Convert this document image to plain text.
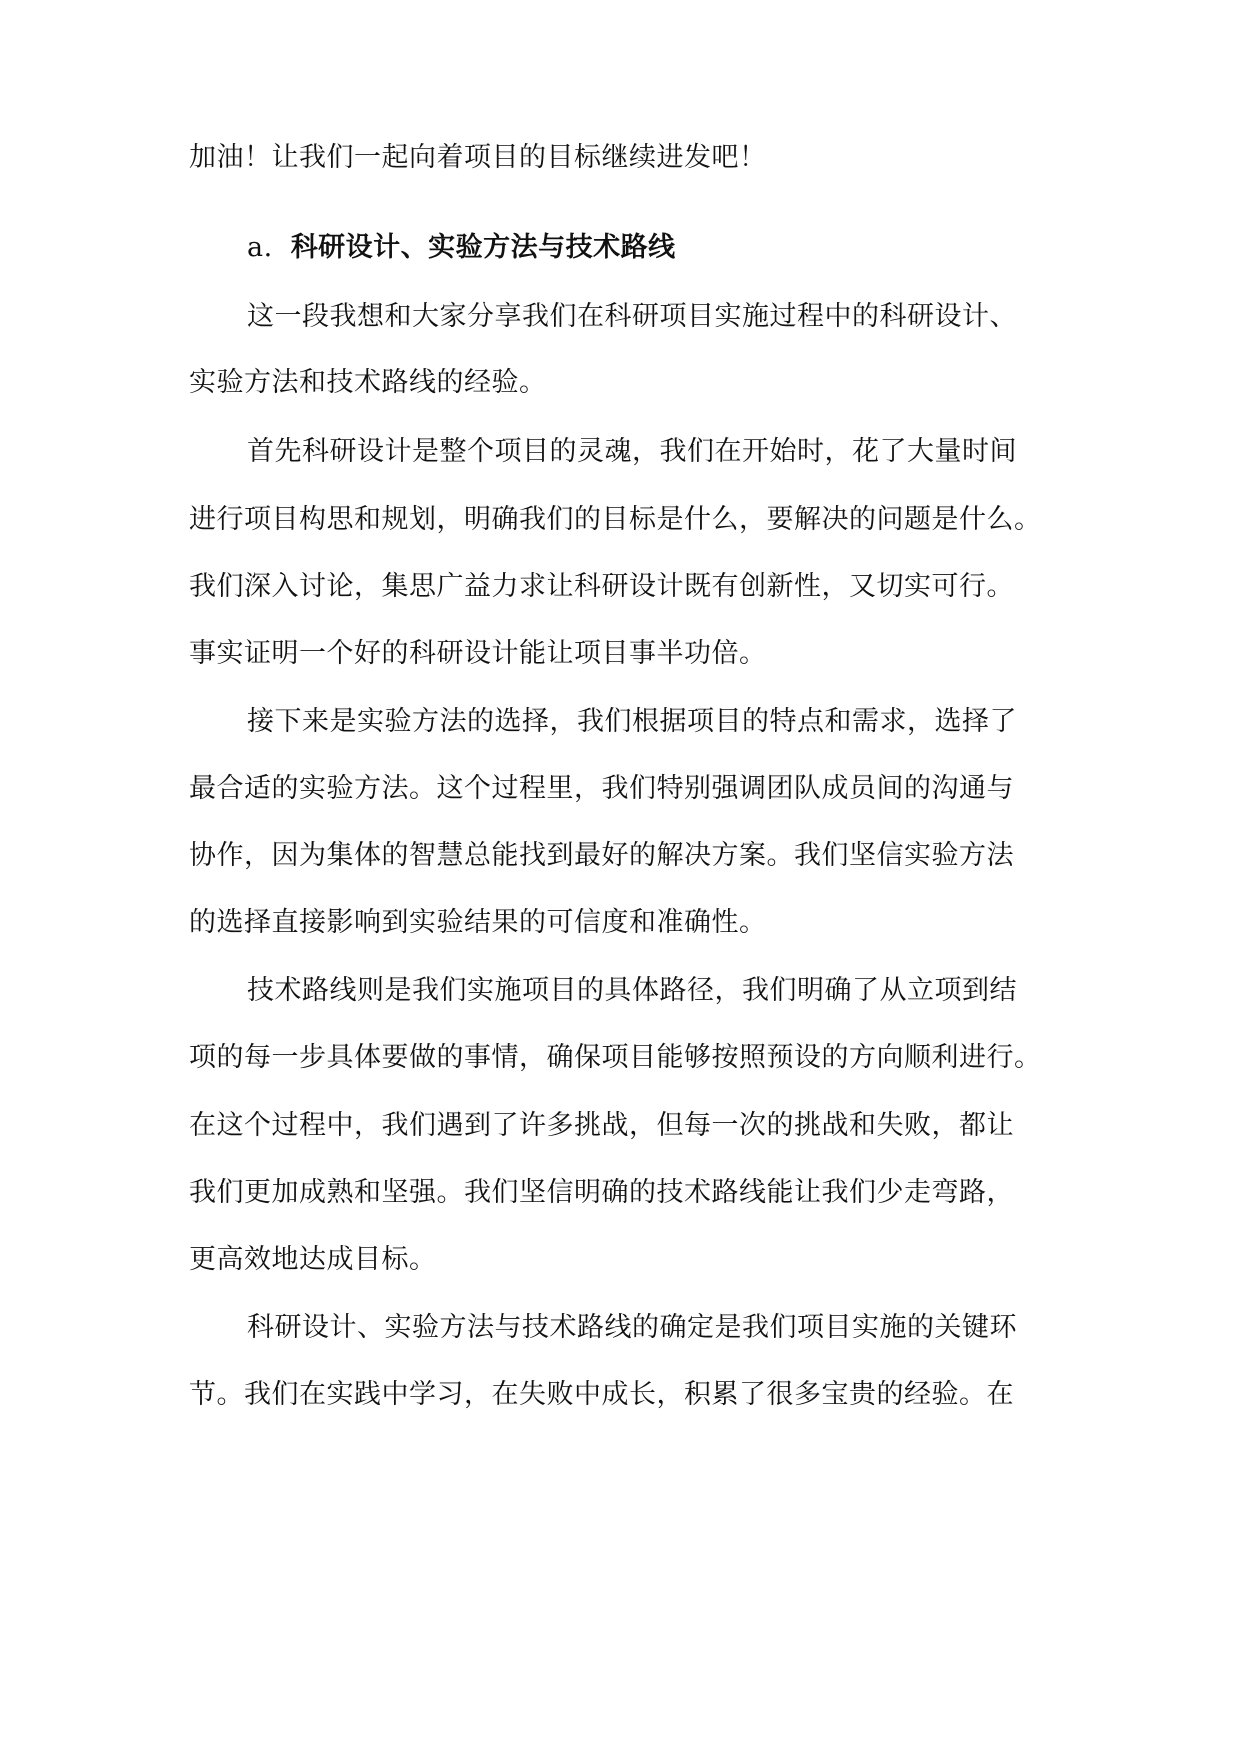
加油！让我们一起向着项目的目标继续进发吧！
a. 科研设计、实验方法与技术路线
这一段我想和大家分享我们在科研项目实施过程中的科研设计、
实验方法和技术路线的经验。
首先科研设计是整个项目的灵魂，我们在开始时，花了大量时间
进行项目构思和规划，明确我们的目标是什么，要解决的问题是什么。
我们深入讨论，集思广益力求让科研设计既有创新性，又切实可行。
事实证明一个好的科研设计能让项目事半功倍。
接下来是实验方法的选择，我们根据项目的特点和需求，选择了
最合适的实验方法。这个过程里，我们特别强调团队成员间的沟通与
协作，因为集体的智慧总能找到最好的解决方案。我们坚信实验方法
的选择直接影响到实验结果的可信度和准确性。
技术路线则是我们实施项目的具体路径，我们明确了从立项到结
项的每一步具体要做的事情，确保项目能够按照预设的方向顺利进行。
在这个过程中，我们遇到了许多挑战，但每一次的挑战和失败，都让
我们更加成熟和坚强。我们坚信明确的技术路线能让我们少走弯路，
更高效地达成目标。
科研设计、实验方法与技术路线的确定是我们项目实施的关键环
节。我们在实践中学习，在失败中成长，积累了很多宝贵的经验。在
